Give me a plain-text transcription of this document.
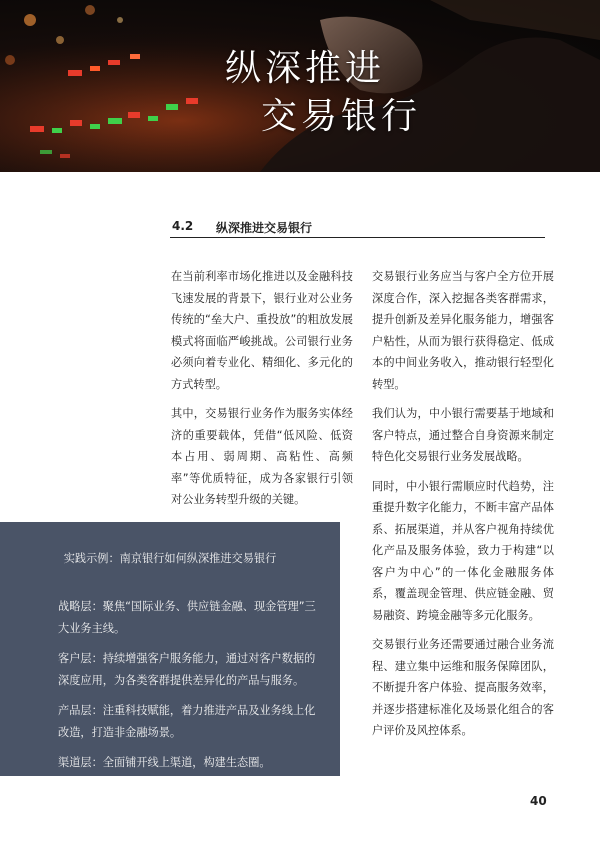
纵深推进
交易银行
4.2 纵深推进交易银行

在当前利率市场化推进以及金融科技飞速发展的背景下，银行业对公业务传统的“垒大户、重投放”的粗放发展模式将面临严峻挑战。公司银行业务必须向着专业化、精细化、多元化的方式转型。

其中，交易银行业务作为服务实体经济的重要载体，凭借“低风险、低资本占用、弱周期、高粘性、高频率”等优质特征，成为各家银行引领对公业务转型升级的关键。

交易银行业务应当与客户全方位开展深度合作，深入挖掘各类客群需求，提升创新及差异化服务能力，增强客户粘性，从而为银行获得稳定、低成本的中间业务收入，推动银行轻型化转型。

我们认为，中小银行需要基于地域和客户特点，通过整合自身资源来制定特色化交易银行业务发展战略。

同时，中小银行需顺应时代趋势，注重提升数字化能力，不断丰富产品体系、拓展渠道，并从客户视角持续优化产品及服务体验，致力于构建“以客户为中心”的一体化金融服务体系，覆盖现金管理、供应链金融、贸易融资、跨境金融等多元化服务。

交易银行业务还需要通过融合业务流程、建立集中运维和服务保障团队，不断提升客户体验、提高服务效率，并逐步搭建标准化及场景化组合的客户评价及风控体系。

实践示例：南京银行如何纵深推进交易银行

战略层：聚焦“国际业务、供应链金融、现金管理”三大业务主线。

客户层：持续增强客户服务能力，通过对客户数据的深度应用，为各类客群提供差异化的产品与服务。

产品层：注重科技赋能，着力推进产品及业务线上化改造，打造非金融场景。

渠道层：全面铺开线上渠道，构建生态圈。

40
